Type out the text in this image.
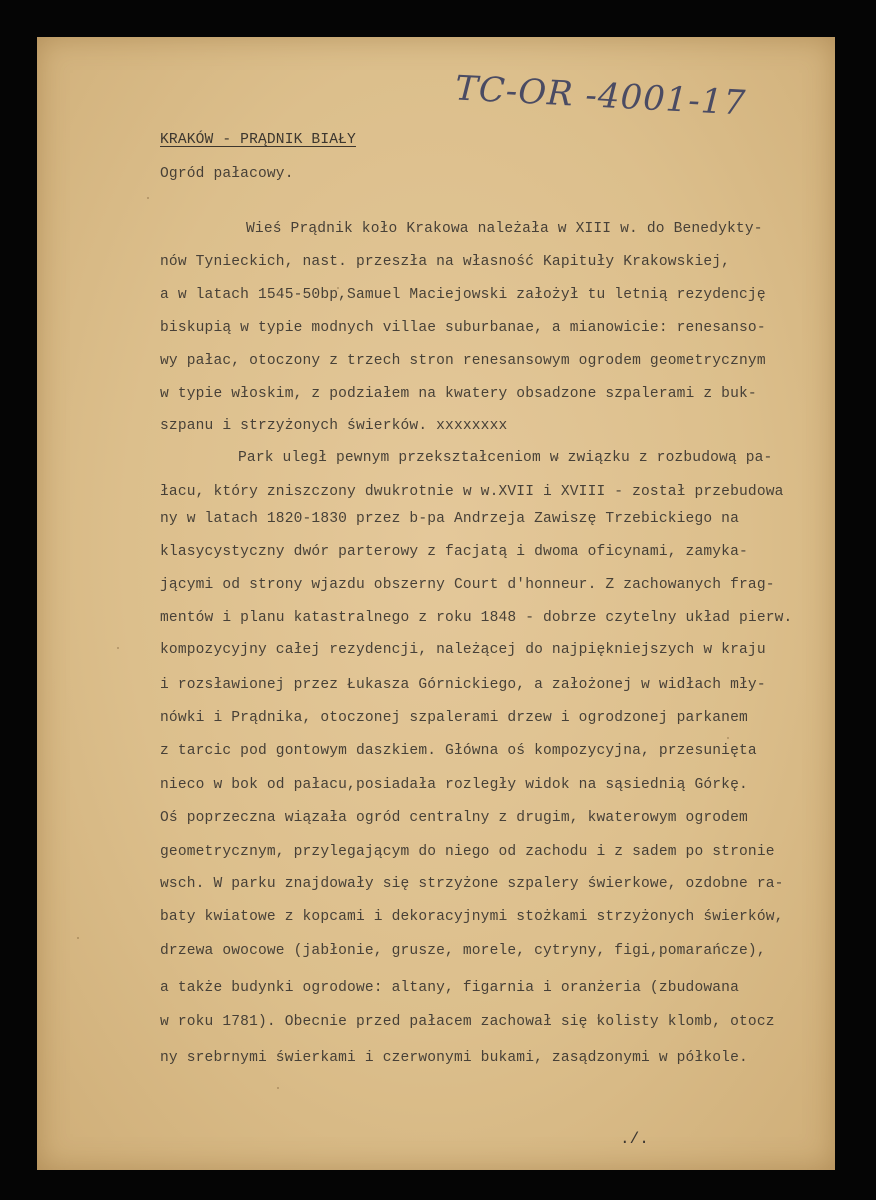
TC-OR -4001-17
KRAKÓW - PRĄDNIK BIAŁY
Ogród pałacowy.
Wieś Prądnik koło Krakowa należała w XIII w. do Benedykty-
nów Tynieckich, nast. przeszła na własność Kapituły Krakowskiej,
a w latach 1545-50bp,Samuel Maciejowski założył tu letnią rezydencję
biskupią w typie modnych villae suburbanae, a mianowicie: renesanso-
wy pałac, otoczony z trzech stron renesansowym ogrodem geometrycznym
w typie włoskim, z podziałem na kwatery obsadzone szpalerami z buk-
szpanu i strzyżonych świerków. xxxxxxxx
Park uległ pewnym przekształceniom w związku z rozbudową pa-
łacu, który zniszczony dwukrotnie w w.XVII i XVIII - został przebudowa
ny w latach 1820-1830 przez b-pa Andrzeja Zawiszę Trzebickiego na
klasycystyczny dwór parterowy z facjatą i dwoma oficynami, zamyka-
jącymi od strony wjazdu obszerny Court d'honneur. Z zachowanych frag-
mentów i planu katastralnego z roku 1848 - dobrze czytelny układ pierw.
kompozycyjny całej rezydencji, należącej do najpiękniejszych w kraju
i rozsławionej przez Łukasza Górnickiego, a założonej w widłach mły-
nówki i Prądnika, otoczonej szpalerami drzew i ogrodzonej parkanem
z tarcic pod gontowym daszkiem. Główna oś kompozycyjna, przesunięta
nieco w bok od pałacu,posiadała rozległy widok na sąsiednią Górkę.
Oś poprzeczna wiązała ogród centralny z drugim, kwaterowym ogrodem
geometrycznym, przylegającym do niego od zachodu i z sadem po stronie
wsch. W parku znajdowały się strzyżone szpalery świerkowe, ozdobne ra-
baty kwiatowe z kopcami i dekoracyjnymi stożkami strzyżonych świerków,
drzewa owocowe (jabłonie, grusze, morele, cytryny, figi,pomarańcze),
a także budynki ogrodowe: altany, figarnia i oranżeria (zbudowana
w roku 1781). Obecnie przed pałacem zachował się kolisty klomb, otocz
ny srebrnymi świerkami i czerwonymi bukami, zasądzonymi w półkole.
./.
